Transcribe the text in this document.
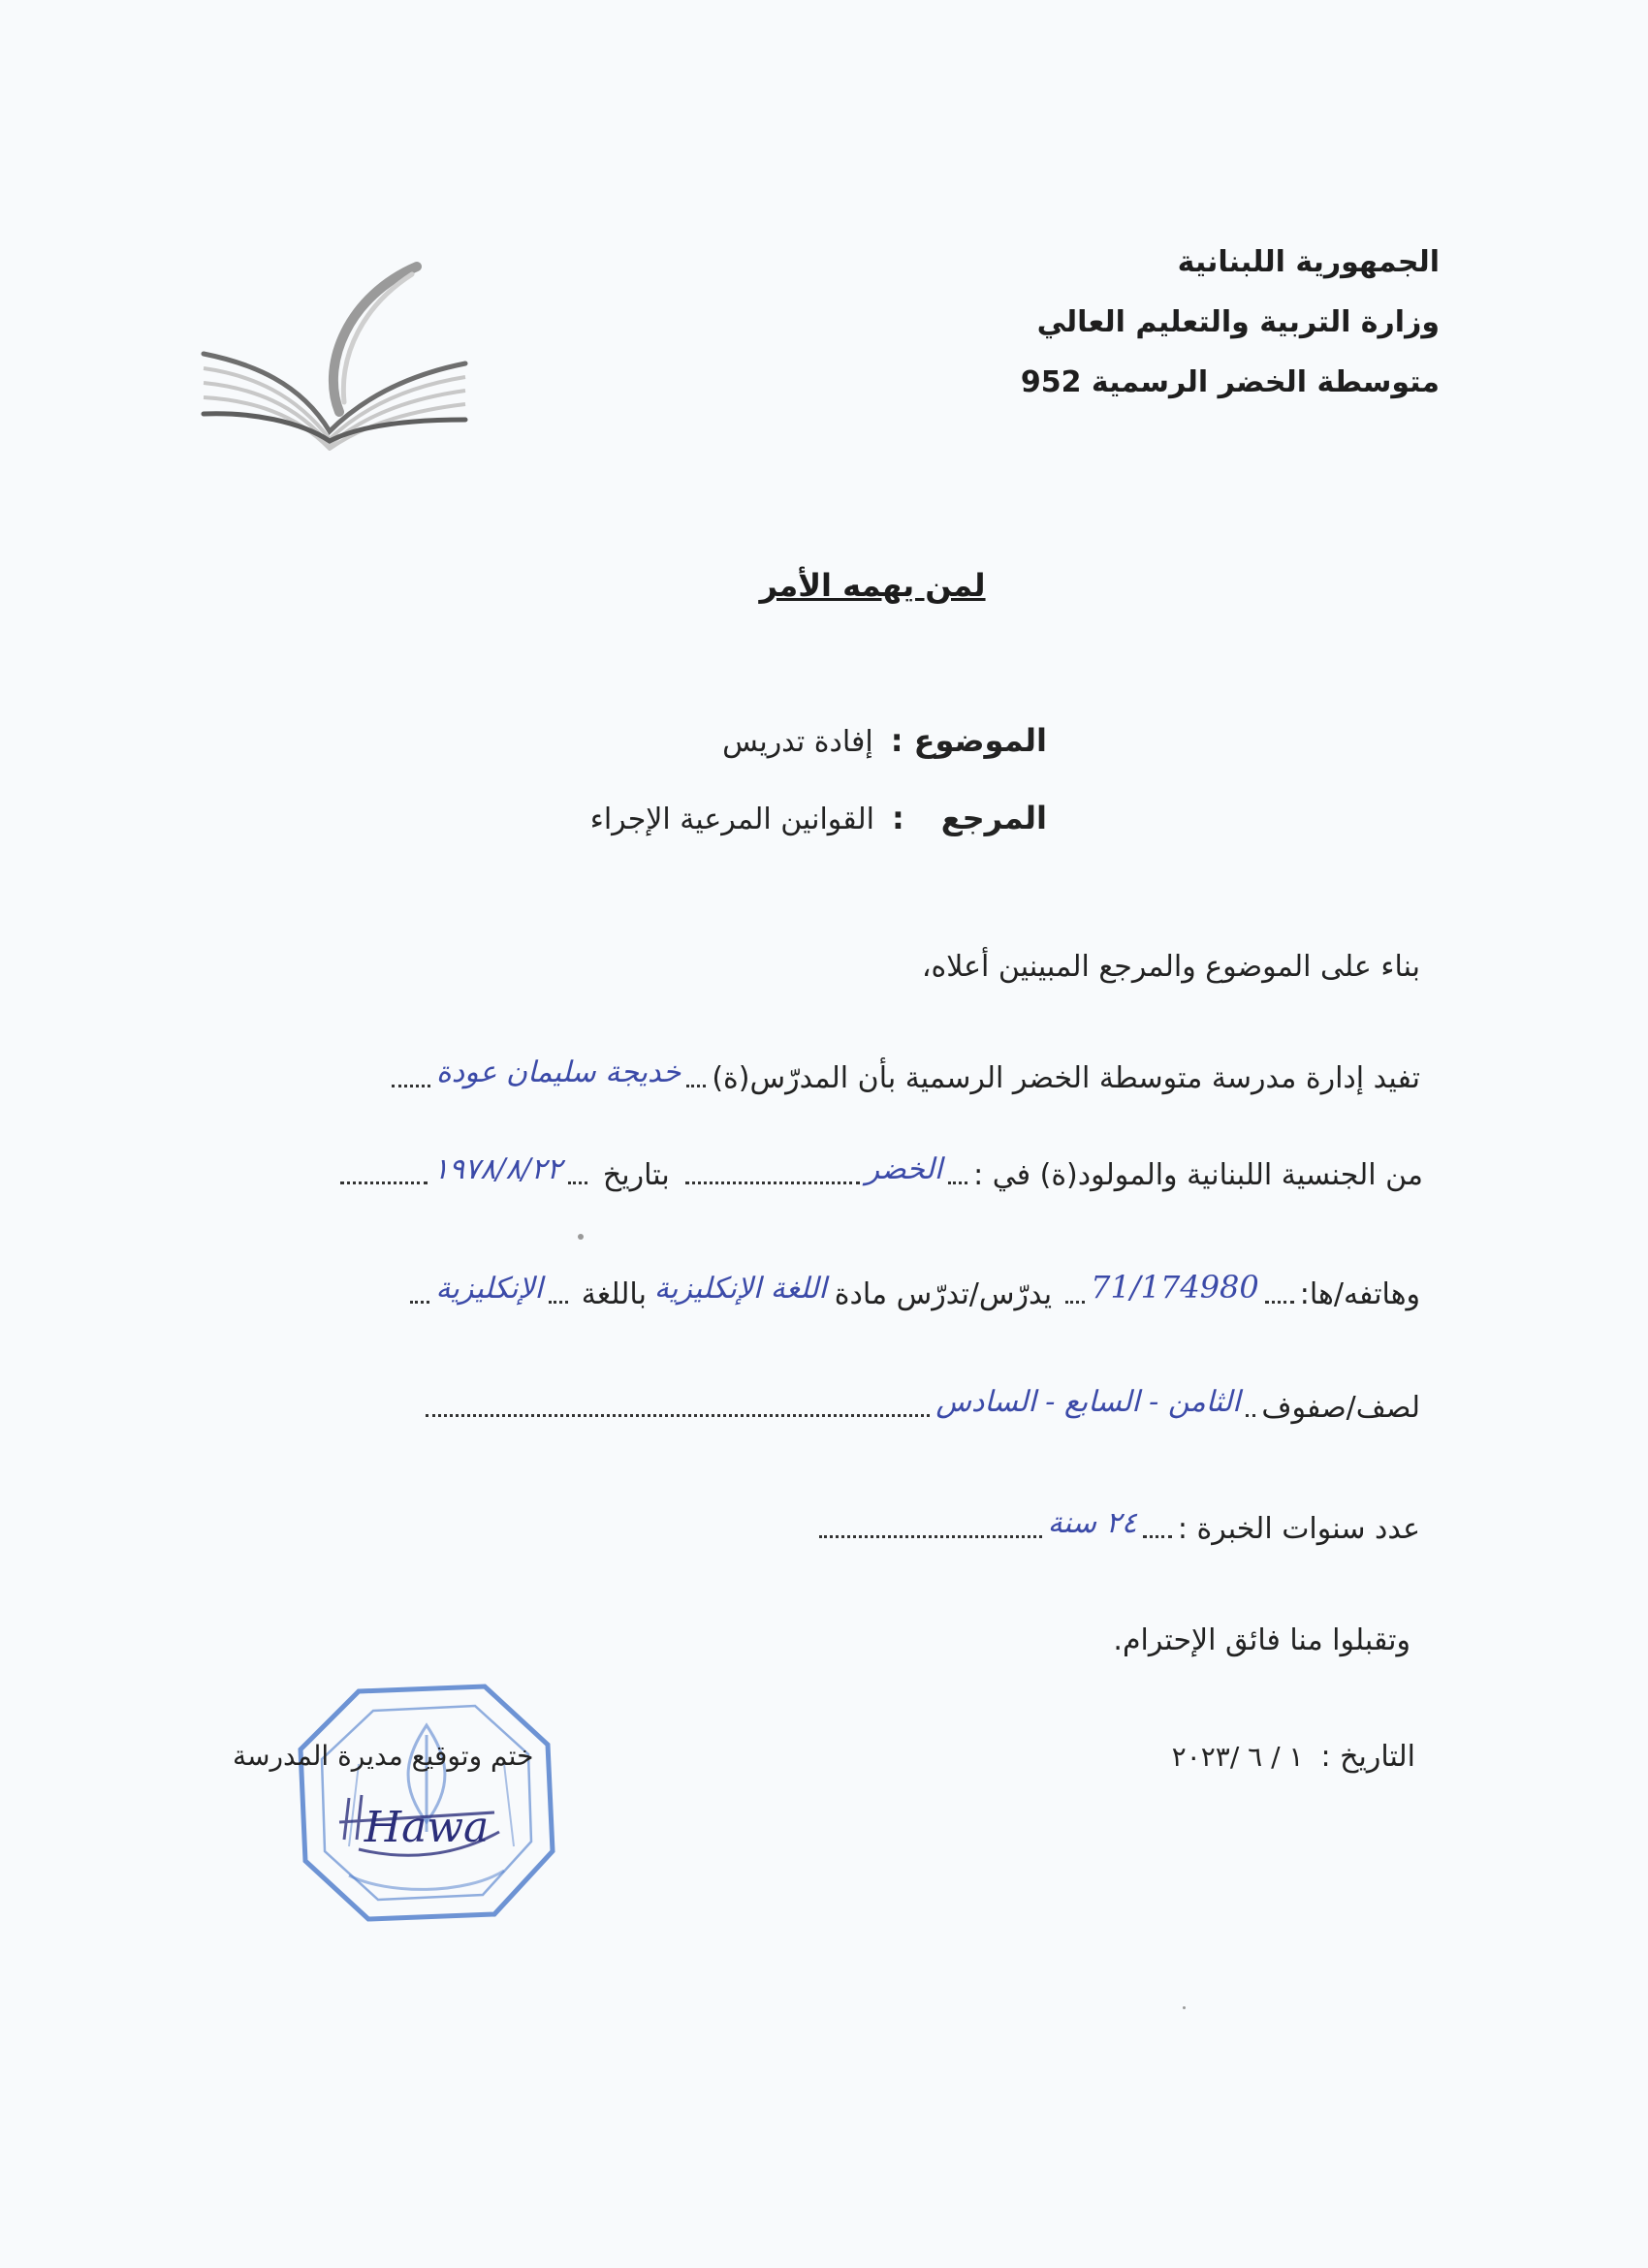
الجمهورية اللبنانية
وزارة التربية والتعليم العالي
متوسطة الخضر الرسمية 952
لمن يهمه الأمر
الموضوع :
إفادة تدريس
المرجع
:
القوانين المرعية الإجراء
بناء على الموضوع والمرجع المبينين أعلاه،
تفيد إدارة مدرسة متوسطة الخضر الرسمية بأن المدرّس(ة)
خديجة سليمان عودة
من الجنسية اللبنانية والمولود(ة) في :
الخضر
بتاريخ
١٩٧٨/٨/٢٢
وهاتفه/ها:
71/174980
يدرّس/تدرّس مادة
اللغة الإنكليزية
باللغة
الإنكليزية
لصف/صفوف
الثامن - السابع - السادس
عدد سنوات الخبرة :
٢٤ سنة
وتقبلوا منا فائق الإحترام.
التاريخ :
١ / ٦ /٢٠٢٣
Hawa
ختم وتوقيع مديرة المدرسة
